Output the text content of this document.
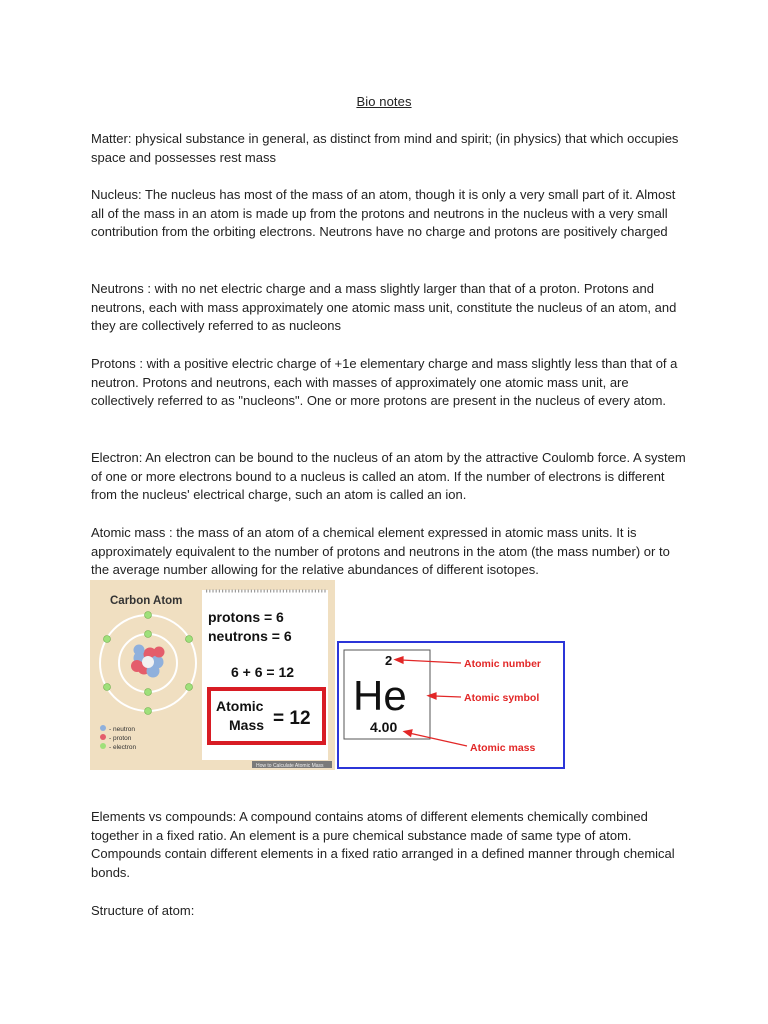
Bio notes

Matter: physical substance in general, as distinct from mind and spirit; (in physics) that which occupies space and possesses rest mass

Nucleus: The nucleus has most of the mass of an atom, though it is only a very small part of it. Almost all of the mass in an atom is made up from the protons and neutrons in the nucleus with a very small contribution from the orbiting electrons. Neutrons have no charge and protons are positively charged

Neutrons : with no net electric charge and a mass slightly larger than that of a proton. Protons and neutrons, each with mass approximately one atomic mass unit, constitute the nucleus of an atom, and they are collectively referred to as nucleons

Protons : with a positive electric charge of +1e elementary charge and mass slightly less than that of a neutron. Protons and neutrons, each with masses of approximately one atomic mass unit, are collectively referred to as "nucleons". One or more protons are present in the nucleus of every atom.

Electron: An electron can be bound to the nucleus of an atom by the attractive Coulomb force. A system of one or more electrons bound to a nucleus is called an atom. If the number of electrons is different from the nucleus' electrical charge, such an atom is called an ion.

Atomic mass : the mass of an atom of a chemical element expressed in atomic mass units. It is approximately equivalent to the number of protons and neutrons in the atom (the mass number) or to the average number allowing for the relative abundances of different isotopes.

Carbon Atom
- neutron
- proton
- electron
protons = 6
neutrons = 6
6 + 6 = 12
Atomic
Mass = 12
How to Calculate Atomic Mass
2
He
4.00
Atomic number
Atomic symbol
Atomic mass

Elements vs compounds: A compound contains atoms of different elements chemically combined together in a fixed ratio. An element is a pure chemical substance made of same type of atom. Compounds contain different elements in a fixed ratio arranged in a defined manner through chemical bonds.

Structure of atom:
